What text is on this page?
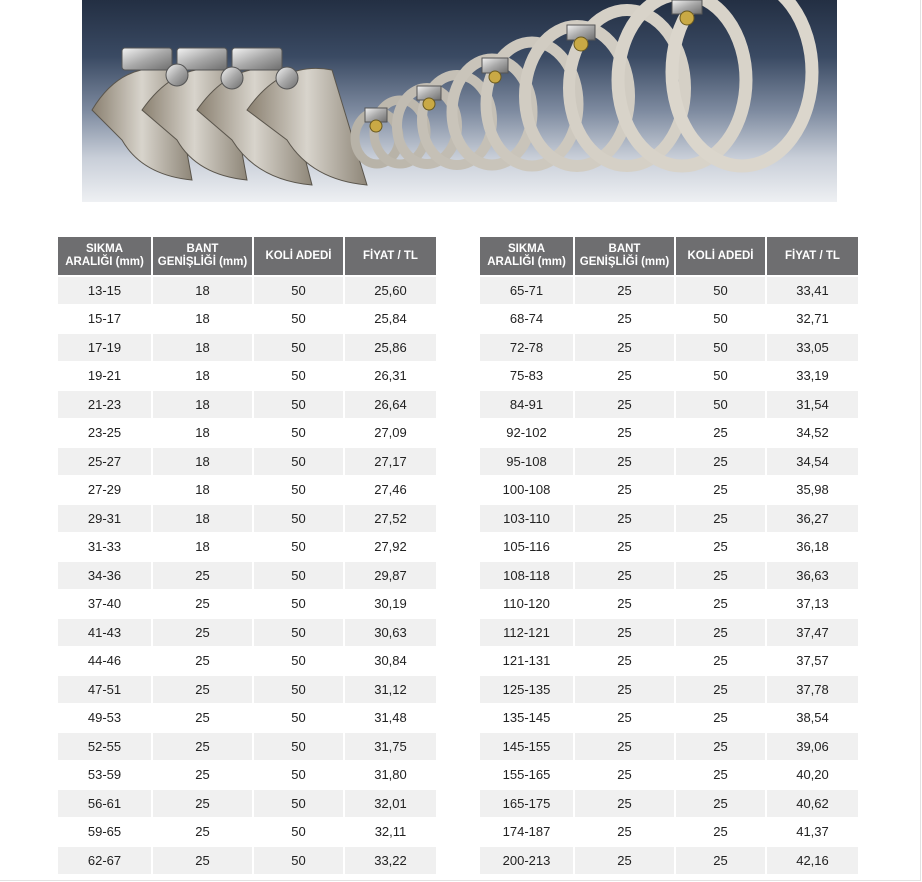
SIKMA
ARALIĞI (mm)	BANT
GENİŞLİĞİ (mm)	KOLİ ADEDİ	FİYAT / TL
13-15	18	50	25,60
15-17	18	50	25,84
17-19	18	50	25,86
19-21	18	50	26,31
21-23	18	50	26,64
23-25	18	50	27,09
25-27	18	50	27,17
27-29	18	50	27,46
29-31	18	50	27,52
31-33	18	50	27,92
34-36	25	50	29,87
37-40	25	50	30,19
41-43	25	50	30,63
44-46	25	50	30,84
47-51	25	50	31,12
49-53	25	50	31,48
52-55	25	50	31,75
53-59	25	50	31,80
56-61	25	50	32,01
59-65	25	50	32,11
62-67	25	50	33,22
SIKMA
ARALIĞI (mm)	BANT
GENİŞLİĞİ (mm)	KOLİ ADEDİ	FİYAT / TL
65-71	25	50	33,41
68-74	25	50	32,71
72-78	25	50	33,05
75-83	25	50	33,19
84-91	25	50	31,54
92-102	25	25	34,52
95-108	25	25	34,54
100-108	25	25	35,98
103-110	25	25	36,27
105-116	25	25	36,18
108-118	25	25	36,63
110-120	25	25	37,13
112-121	25	25	37,47
121-131	25	25	37,57
125-135	25	25	37,78
135-145	25	25	38,54
145-155	25	25	39,06
155-165	25	25	40,20
165-175	25	25	40,62
174-187	25	25	41,37
200-213	25	25	42,16
